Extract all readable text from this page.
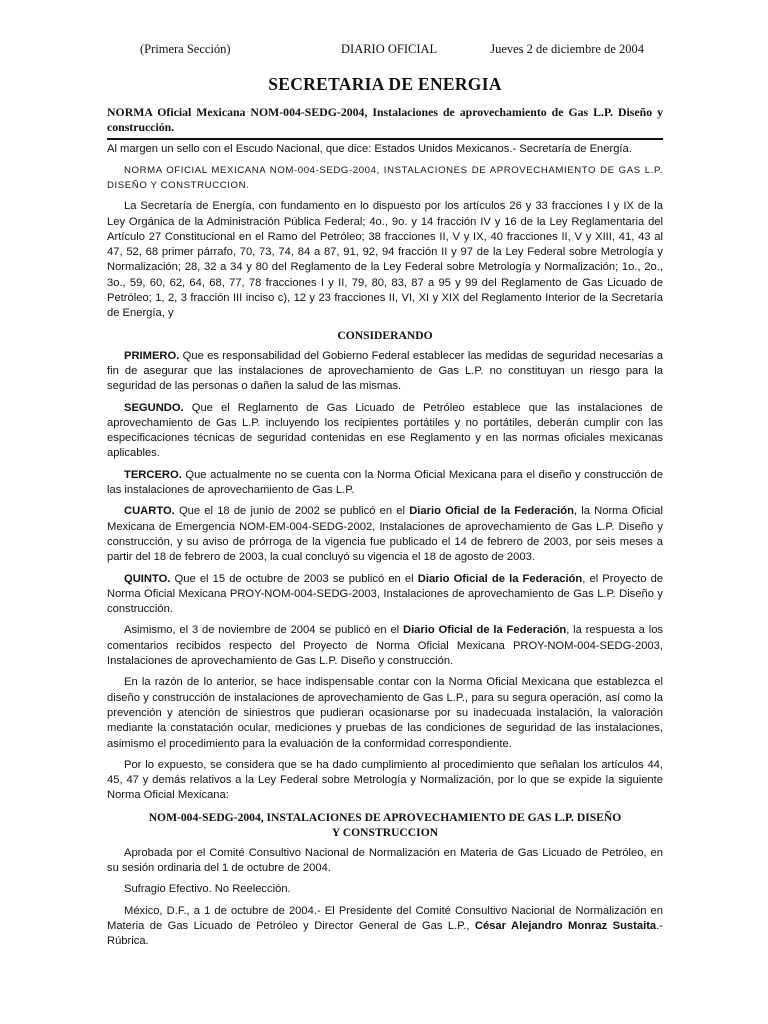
(Primera Sección)	DIARIO OFICIAL	Jueves 2 de diciembre de 2004

SECRETARIA DE ENERGIA

NORMA Oficial Mexicana NOM-004-SEDG-2004, Instalaciones de aprovechamiento de Gas L.P. Diseño y construcción.

Al margen un sello con el Escudo Nacional, que dice: Estados Unidos Mexicanos.- Secretaría de Energía.

NORMA OFICIAL MEXICANA NOM-004-SEDG-2004, INSTALACIONES DE APROVECHAMIENTO DE GAS L.P. DISEÑO Y CONSTRUCCION.

La Secretaría de Energía, con fundamento en lo dispuesto por los artículos 26 y 33 fracciones I y IX de la Ley Orgánica de la Administración Pública Federal; 4o., 9o. y 14 fracción IV y 16 de la Ley Reglamentaria del Artículo 27 Constitucional en el Ramo del Petróleo; 38 fracciones II, V y IX, 40 fracciones II, V y XIII, 41, 43 al 47, 52, 68 primer párrafo, 70, 73, 74, 84 a 87, 91, 92, 94 fracción II y 97 de la Ley Federal sobre Metrología y Normalización; 28, 32 a 34 y 80 del Reglamento de la Ley Federal sobre Metrología y Normalización; 1o., 2o., 3o., 59, 60, 62, 64, 68, 77, 78 fracciones I y II, 79, 80, 83, 87 a 95 y 99 del Reglamento de Gas Licuado de Petróleo; 1, 2, 3 fracción III inciso c), 12 y 23 fracciones II, VI, XI y XIX del Reglamento Interior de la Secretaría de Energía, y

CONSIDERANDO

PRIMERO. Que es responsabilidad del Gobierno Federal establecer las medidas de seguridad necesarias a fin de asegurar que las instalaciones de aprovechamiento de Gas L.P. no constituyan un riesgo para la seguridad de las personas o dañen la salud de las mismas.

SEGUNDO. Que el Reglamento de Gas Licuado de Petróleo establece que las instalaciones de aprovechamiento de Gas L.P. incluyendo los recipientes portátiles y no portátiles, deberán cumplir con las especificaciones técnicas de seguridad contenidas en ese Reglamento y en las normas oficiales mexicanas aplicables.

TERCERO. Que actualmente no se cuenta con la Norma Oficial Mexicana para el diseño y construcción de las instalaciones de aprovechamiento de Gas L.P.

CUARTO. Que el 18 de junio de 2002 se publicó en el Diario Oficial de la Federación, la Norma Oficial Mexicana de Emergencia NOM-EM-004-SEDG-2002, Instalaciones de aprovechamiento de Gas L.P. Diseño y construcción, y su aviso de prórroga de la vigencia fue publicado el 14 de febrero de 2003, por seis meses a partir del 18 de febrero de 2003, la cual concluyó su vigencia el 18 de agosto de 2003.

QUINTO. Que el 15 de octubre de 2003 se publicó en el Diario Oficial de la Federación, el Proyecto de Norma Oficial Mexicana PROY-NOM-004-SEDG-2003, Instalaciones de aprovechamiento de Gas L.P. Diseño y construcción.

Asimismo, el 3 de noviembre de 2004 se publicó en el Diario Oficial de la Federación, la respuesta a los comentarios recibidos respecto del Proyecto de Norma Oficial Mexicana PROY-NOM-004-SEDG-2003, Instalaciones de aprovechamiento de Gas L.P. Diseño y construcción.

En la razón de lo anterior, se hace indispensable contar con la Norma Oficial Mexicana que establezca el diseño y construcción de instalaciones de aprovechamiento de Gas L.P., para su segura operación, así como la prevención y atención de siniestros que pudieran ocasionarse por su inadecuada instalación, la valoración mediante la constatación ocular, mediciones y pruebas de las condiciones de seguridad de las instalaciones, asimismo el procedimiento para la evaluación de la conformidad correspondiente.

Por lo expuesto, se considera que se ha dado cumplimiento al procedimiento que señalan los artículos 44, 45, 47 y demás relativos a la Ley Federal sobre Metrología y Normalización, por lo que se expide la siguiente Norma Oficial Mexicana:

NOM-004-SEDG-2004, INSTALACIONES DE APROVECHAMIENTO DE GAS L.P. DISEÑO Y CONSTRUCCION

Aprobada por el Comité Consultivo Nacional de Normalización en Materia de Gas Licuado de Petróleo, en su sesión ordinaria del 1 de octubre de 2004.

Sufragio Efectivo. No Reelección.

México, D.F., a 1 de octubre de 2004.- El Presidente del Comité Consultivo Nacional de Normalización en Materia de Gas Licuado de Petróleo y Director General de Gas L.P., César Alejandro Monraz Sustaita.- Rúbrica.
